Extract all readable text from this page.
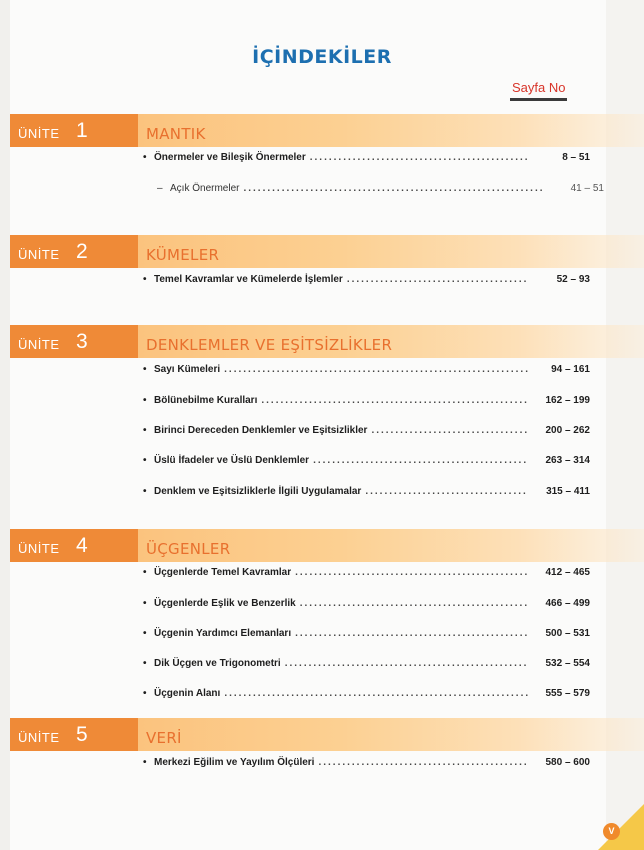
İÇİNDEKİLER
Sayfa No
ÜNİTE 1	MANTIK
• Önermeler ve Bileşik Önermeler .....	8 – 51
– Açık Önermeler .....	41 – 51
ÜNİTE 2	KÜMELER
• Temel Kavramlar ve Kümelerde İşlemler .....	52 – 93
ÜNİTE 3	DENKLEMLER VE EŞİTSİZLİKLER
• Sayı Kümeleri .....	94 – 161
• Bölünebilme Kuralları .....	162 – 199
• Birinci Dereceden Denklemler ve Eşitsizlikler .....	200 – 262
• Üslü İfadeler ve Üslü Denklemler .....	263 – 314
• Denklem ve Eşitsizliklerle İlgili Uygulamalar .....	315 – 411
ÜNİTE 4	ÜÇGENLER
• Üçgenlerde Temel Kavramlar .....	412 – 465
• Üçgenlerde Eşlik ve Benzerlik .....	466 – 499
• Üçgenin Yardımcı Elemanları .....	500 – 531
• Dik Üçgen ve Trigonometri .....	532 – 554
• Üçgenin Alanı .....	555 – 579
ÜNİTE 5	VERİ
• Merkezi Eğilim ve Yayılım Ölçüleri .....	580 – 600
V
